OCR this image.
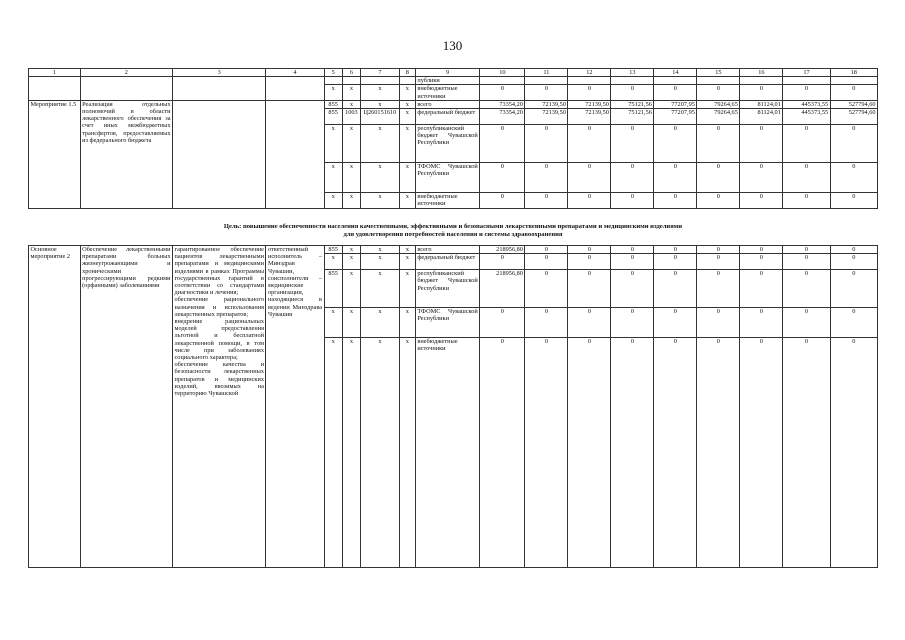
130
1	2	3	4	5	6	7	8	9	10	11	12	13	14	15	16	17	18
								публики									
				х	х	х	х	внебюджетные источники	0	0	0	0	0	0	0	0	0
Мероприятие 1.5	Реализация отдельных полномочий в области лекарственного обеспечения за счет иных межбюджетных трансфертов, предоставляемых из федерального бюджета			855	х	х	х	всего	73354,20	72139,50	72139,50	75121,56	77207,95	79264,65	81124,01	445373,55	527794,60
				855	1003	Ц260151610	х	федеральный бюджет	73354,20	72139,50	72139,50	75121,56	77207,95	79264,65	81124,01	445373,55	527794,60
				х	х	х	х	республиканский бюджет Чувашской Республики	0	0	0	0	0	0	0	0	0
				х	х	х	х	ТФОМС Чувашской Республики	0	0	0	0	0	0	0	0	0
				х	х	х	х	внебюджетные источники	0	0	0	0	0	0	0	0	0
Цель: повышение обеспеченности населения качественными, эффективными и безопасными лекарственными препаратами и медицинскими изделиями
для удовлетворения потребностей населения и системы здравоохранения																	
Основное мероприятие 2	Обеспечение лекарственными препаратами больных жизнеугрожающими и хроническими прогрессирующими редкими (орфанными) заболеваниями	гарантированное обеспечение пациентов лекарственными препаратами и медицинскими изделиями в рамках Программы государственных гарантий в соответствии со стандартами диагностики и лечения;
обеспечение рационального назначения и использования лекарственных препаратов;
внедрение рациональных моделей предоставления льготной и бесплатной лекарственной помощи, в том числе при заболеваниях социального характера;
обеспечение качества и безопасности лекарственных препаратов и медицинских изделий, ввозимых на территорию Чувашской	ответственный исполнитель – Минздрав Чувашии, соисполнители – медицинские организации, находящиеся в ведении Минздрава Чувашии	855	х	х	х	всего	218956,80	0	0	0	0	0	0	0	0
				х	х	х	х	федеральный бюджет	0	0	0	0	0	0	0	0	0
				855	х	х	х	республиканский бюджет Чувашской Республики	218956,80	0	0	0	0	0	0	0	0
				х	х	х	х	ТФОМС Чувашской Республики	0	0	0	0	0	0	0	0	0
				х	х	х	х	внебюджетные источники	0	0	0	0	0	0	0	0	0
